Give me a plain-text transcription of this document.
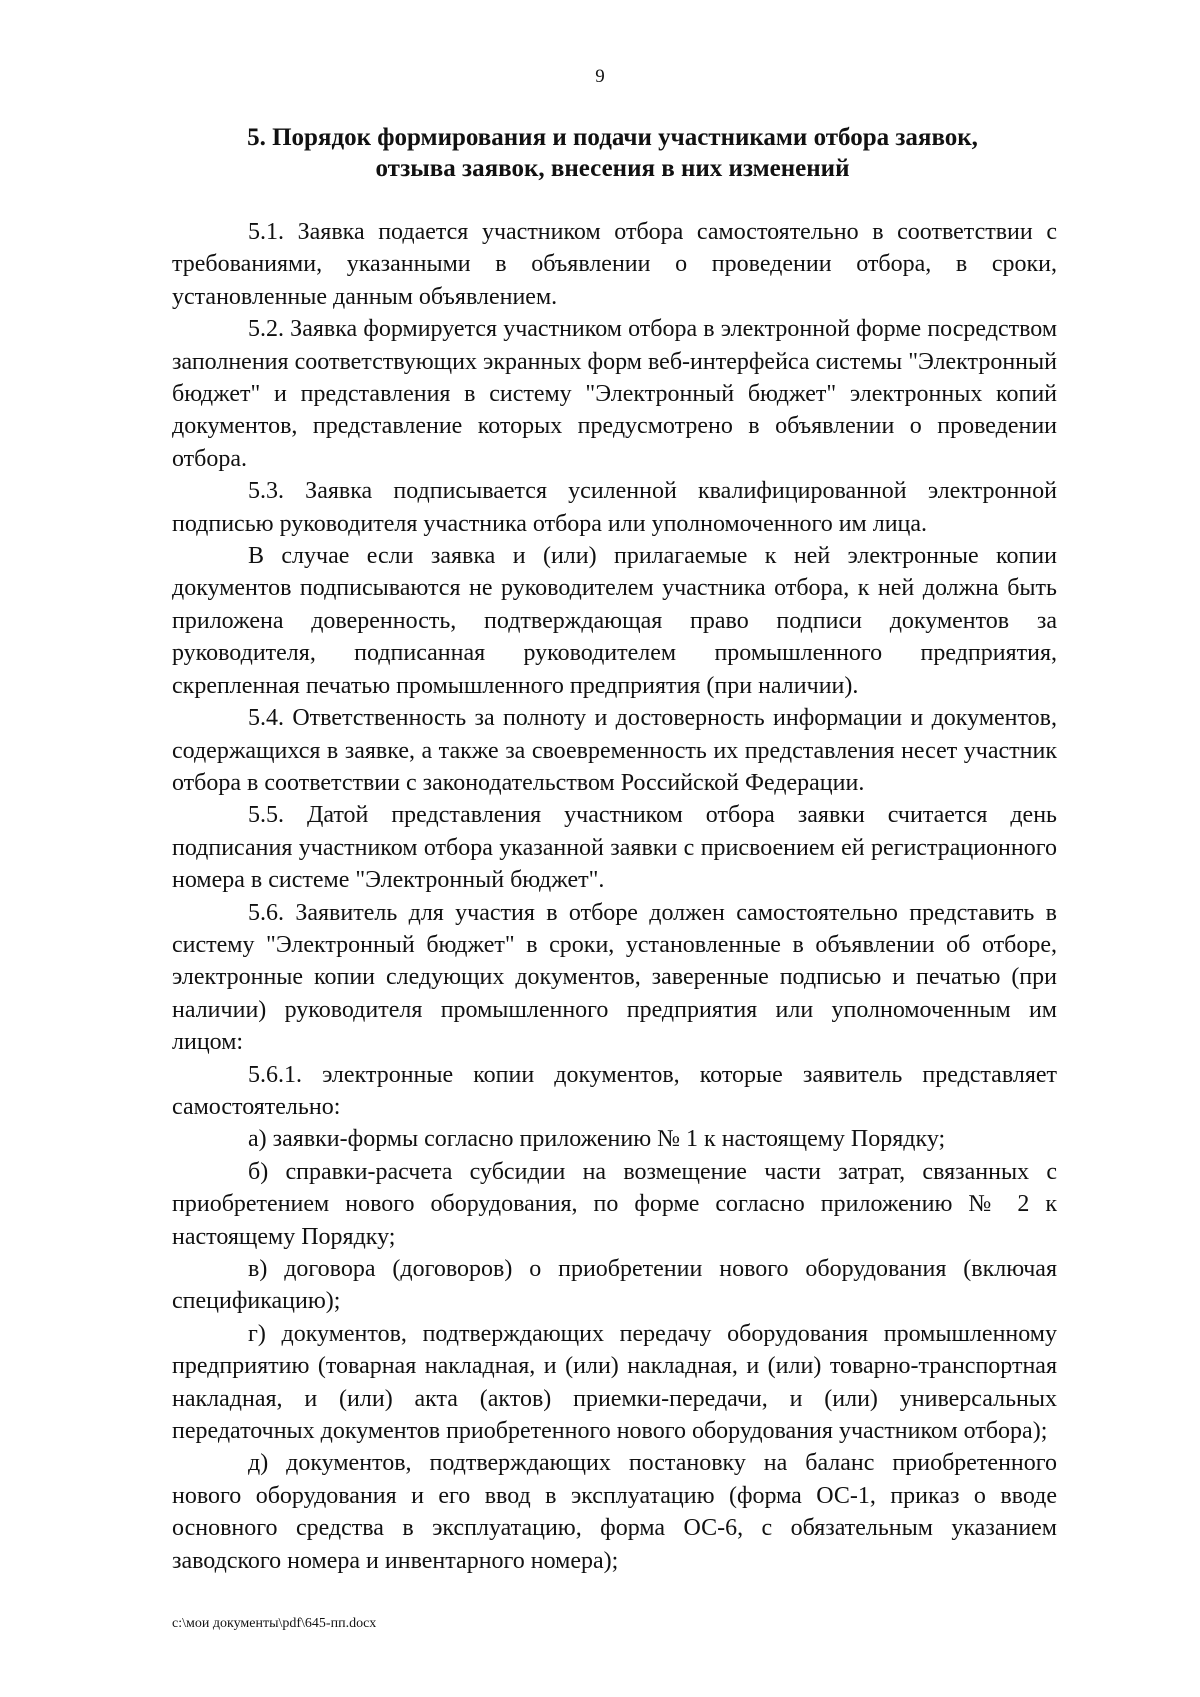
9
5. Порядок формирования и подачи участниками отбора заявок,
отзыва заявок, внесения в них изменений

5.1. Заявка подается участником отбора самостоятельно в соответствии с требованиями, указанными в объявлении о проведении отбора, в сроки, установленные данным объявлением.

5.2. Заявка формируется участником отбора в электронной форме посредством заполнения соответствующих экранных форм веб-интерфейса системы "Электронный бюджет" и представления в систему "Электронный бюджет" электронных копий документов, представление которых предусмотрено в объявлении о проведении отбора.

5.3. Заявка подписывается усиленной квалифицированной электронной подписью руководителя участника отбора или уполномоченного им лица.

В случае если заявка и (или) прилагаемые к ней электронные копии документов подписываются не руководителем участника отбора, к ней должна быть приложена доверенность, подтверждающая право подписи документов за руководителя, подписанная руководителем промышленного предприятия, скрепленная печатью промышленного предприятия (при наличии).

5.4. Ответственность за полноту и достоверность информации и документов, содержащихся в заявке, а также за своевременность их представления несет участник отбора в соответствии с законодательством Российской Федерации.

5.5. Датой представления участником отбора заявки считается день подписания участником отбора указанной заявки с присвоением ей регистрационного номера в системе "Электронный бюджет".

5.6. Заявитель для участия в отборе должен самостоятельно представить в систему "Электронный бюджет" в сроки, установленные в объявлении об отборе, электронные копии следующих документов, заверенные подписью и печатью (при наличии) руководителя промышленного предприятия или уполномоченным им лицом:

5.6.1. электронные копии документов, которые заявитель представляет самостоятельно:

а) заявки-формы согласно приложению № 1 к настоящему Порядку;

б) справки-расчета субсидии на возмещение части затрат, связанных с приобретением нового оборудования, по форме согласно приложению № 2 к настоящему Порядку;

в) договора (договоров) о приобретении нового оборудования (включая спецификацию);

г) документов, подтверждающих передачу оборудования промышленному предприятию (товарная накладная, и (или) накладная, и (или) товарно-транспортная накладная, и (или) акта (актов) приемки-передачи, и (или) универсальных передаточных документов приобретенного нового оборудования участником отбора);

д) документов, подтверждающих постановку на баланс приобретенного нового оборудования и его ввод в эксплуатацию (форма ОС-1, приказ о вводе основного средства в эксплуатацию, форма ОС-6, с обязательным указанием заводского номера и инвентарного номера);

c:\мои документы\pdf\645-пп.docx
